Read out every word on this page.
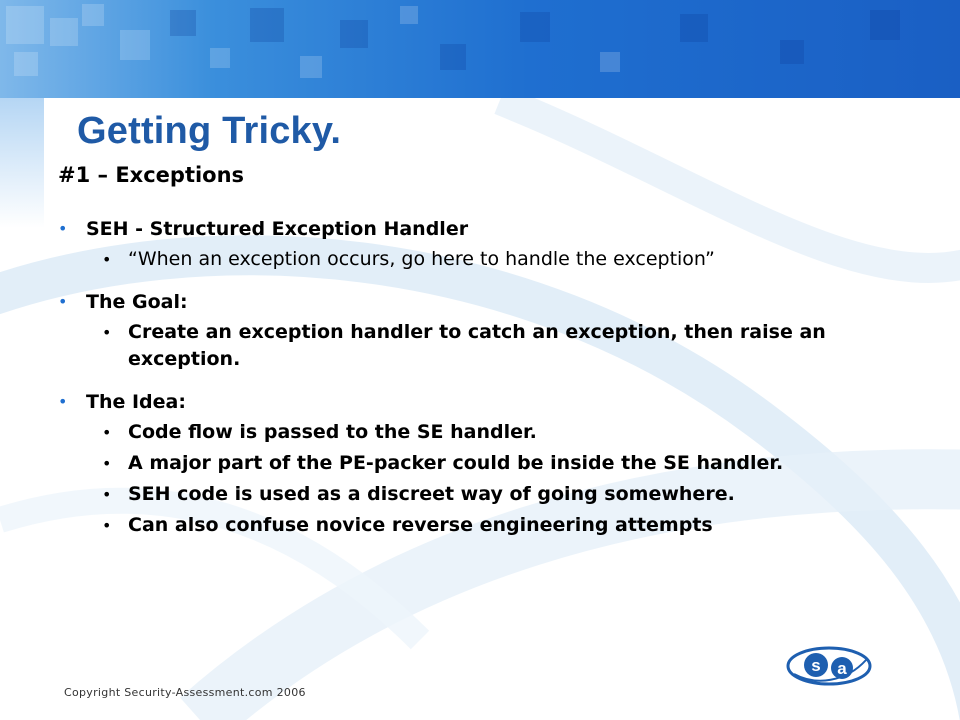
Getting Tricky.
#1 – Exceptions
• SEH - Structured Exception Handler
• “When an exception occurs, go here to handle the exception”
• The Goal:
• Create an exception handler to catch an exception, then raise an exception.
• The Idea:
• Code flow is passed to the SE handler.
• A major part of the PE-packer could be inside the SE handler.
• SEH code is used as a discreet way of going somewhere.
• Can also confuse novice reverse engineering attempts
s a
Copyright Security-Assessment.com 2006
